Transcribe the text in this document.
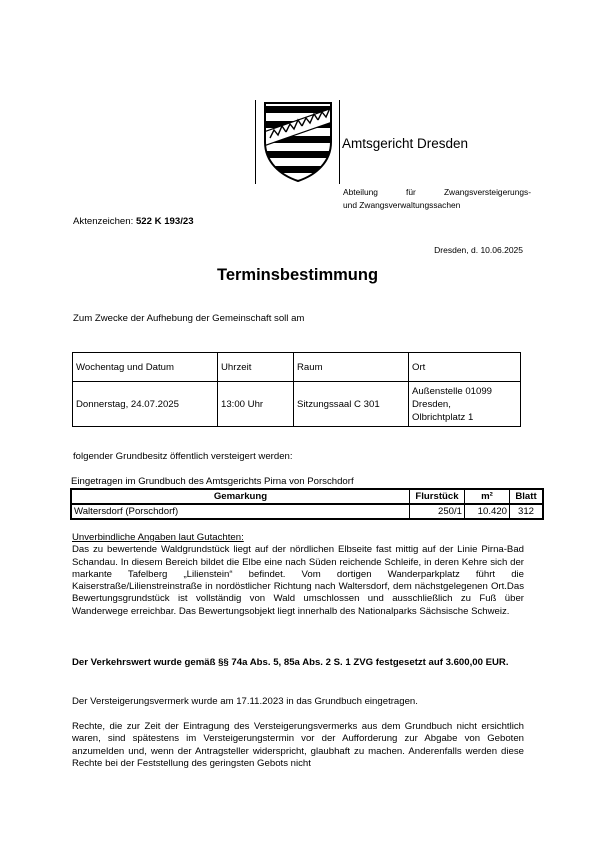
Amtsgericht Dresden
Abteilung für Zwangsversteigerungs-
und Zwangsverwaltungssachen
Aktenzeichen: 522 K 193/23
Dresden, d. 10.06.2025
Terminsbestimmung
Zum Zwecke der Aufhebung der Gemeinschaft soll am
Wochentag und Datum	Uhrzeit	Raum	Ort
Donnerstag, 24.07.2025	13:00 Uhr	Sitzungssaal C 301	Außenstelle 01099
Dresden,
Olbrichtplatz 1
folgender Grundbesitz öffentlich versteigert werden:
Eingetragen im Grundbuch des Amtsgerichts Pirna von Porschdorf
Gemarkung	Flurstück	m²	Blatt
Waltersdorf (Porschdorf)	250/1	10.420	312
Unverbindliche Angaben laut Gutachten:
Das zu bewertende Waldgrundstück liegt auf der nördlichen Elbseite fast mittig auf der Linie Pirna-Bad Schandau. In diesem Bereich bildet die Elbe eine nach Süden reichende Schleife, in deren Kehre sich der markante Tafelberg „Lilienstein“ befindet. Vom dortigen Wanderparkplatz führt die Kaiserstraße/Lilienstreinstraße in nordöstlicher Richtung nach Waltersdorf, dem nächstgelegenen Ort.Das Bewertungsgrundstück ist vollständig von Wald umschlossen und ausschließlich zu Fuß über Wanderwege erreichbar. Das Bewertungsobjekt liegt innerhalb des Nationalparks Sächsische Schweiz.
Der Verkehrswert wurde gemäß §§ 74a Abs. 5, 85a Abs. 2 S. 1 ZVG festgesetzt auf 3.600,00 EUR.
Der Versteigerungsvermerk wurde am 17.11.2023 in das Grundbuch eingetragen.
Rechte, die zur Zeit der Eintragung des Versteigerungsvermerks aus dem Grundbuch nicht ersichtlich waren, sind spätestens im Versteigerungstermin vor der Aufforderung zur Abgabe von Geboten anzumelden und, wenn der Antragsteller widerspricht, glaubhaft zu machen. Anderenfalls werden diese Rechte bei der Feststellung des geringsten Gebots nicht
